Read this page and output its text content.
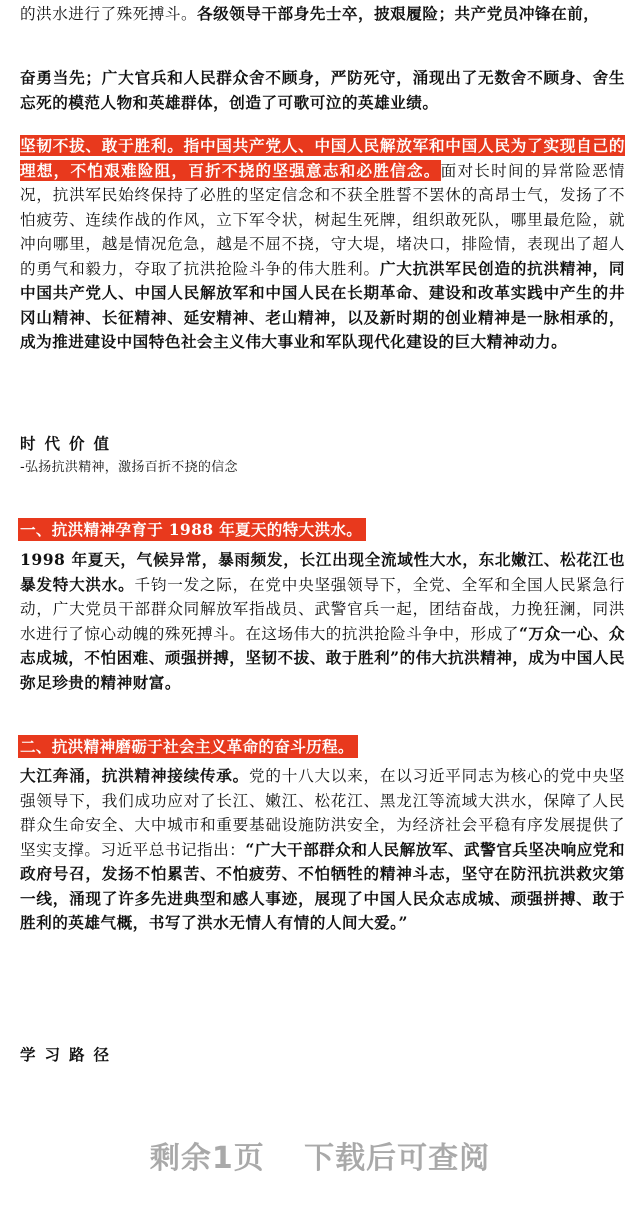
的洪水进行了殊死搏斗。各级领导干部身先士卒，披艰履险；共产党员冲锋在前，

奋勇当先；广大官兵和人民群众舍不顾身，严防死守，涌现出了无数舍不顾身、舍生忘死的模范人物和英雄群体，创造了可歌可泣的英雄业绩。

坚韧不拔、敢于胜利。指中国共产党人、中国人民解放军和中国人民为了实现自己的理想，不怕艰难险阻，百折不挠的坚强意志和必胜信念。面对长时间的异常险恶情况，抗洪军民始终保持了必胜的坚定信念和不获全胜誓不罢休的高昂士气，发扬了不怕疲劳、连续作战的作风，立下军令状，树起生死牌，组织敢死队，哪里最危险，就冲向哪里，越是情况危急，越是不屈不挠，守大堤，堵决口，排险情，表现出了超人的勇气和毅力，夺取了抗洪抢险斗争的伟大胜利。广大抗洪军民创造的抗洪精神，同中国共产党人、中国人民解放军和中国人民在长期革命、建设和改革实践中产生的井冈山精神、长征精神、延安精神、老山精神，以及新时期的创业精神是一脉相承的，成为推进建设中国特色社会主义伟大事业和军队现代化建设的巨大精神动力。

时代价值
-弘扬抗洪精神，激扬百折不挠的信念
一、抗洪精神孕育于 1988 年夏天的特大洪水。

1998 年夏天，气候异常，暴雨频发，长江出现全流域性大水，东北嫩江、松花江也暴发特大洪水。千钧一发之际，在党中央坚强领导下，全党、全军和全国人民紧急行动，广大党员干部群众同解放军指战员、武警官兵一起，团结奋战，力挽狂澜，同洪水进行了惊心动魄的殊死搏斗。在这场伟大的抗洪抢险斗争中，形成了“万众一心、众志成城，不怕困难、顽强拼搏，坚韧不拔、敢于胜利”的伟大抗洪精神，成为中国人民弥足珍贵的精神财富。

二、抗洪精神磨砺于社会主义革命的奋斗历程。

大江奔涌，抗洪精神接续传承。党的十八大以来，在以习近平同志为核心的党中央坚强领导下，我们成功应对了长江、嫩江、松花江、黑龙江等流域大洪水，保障了人民群众生命安全、大中城市和重要基础设施防洪安全，为经济社会平稳有序发展提供了坚实支撑。习近平总书记指出：“广大干部群众和人民解放军、武警官兵坚决响应党和政府号召，发扬不怕累苦、不怕疲劳、不怕牺牲的精神斗志，坚守在防汛抗洪救灾第一线，涌现了许多先进典型和感人事迹，展现了中国人民众志成城、顽强拼搏、敢于胜利的英雄气概，书写了洪水无情人有情的人间大爱。”

学习路径
剩余1页 下载后可查阅
